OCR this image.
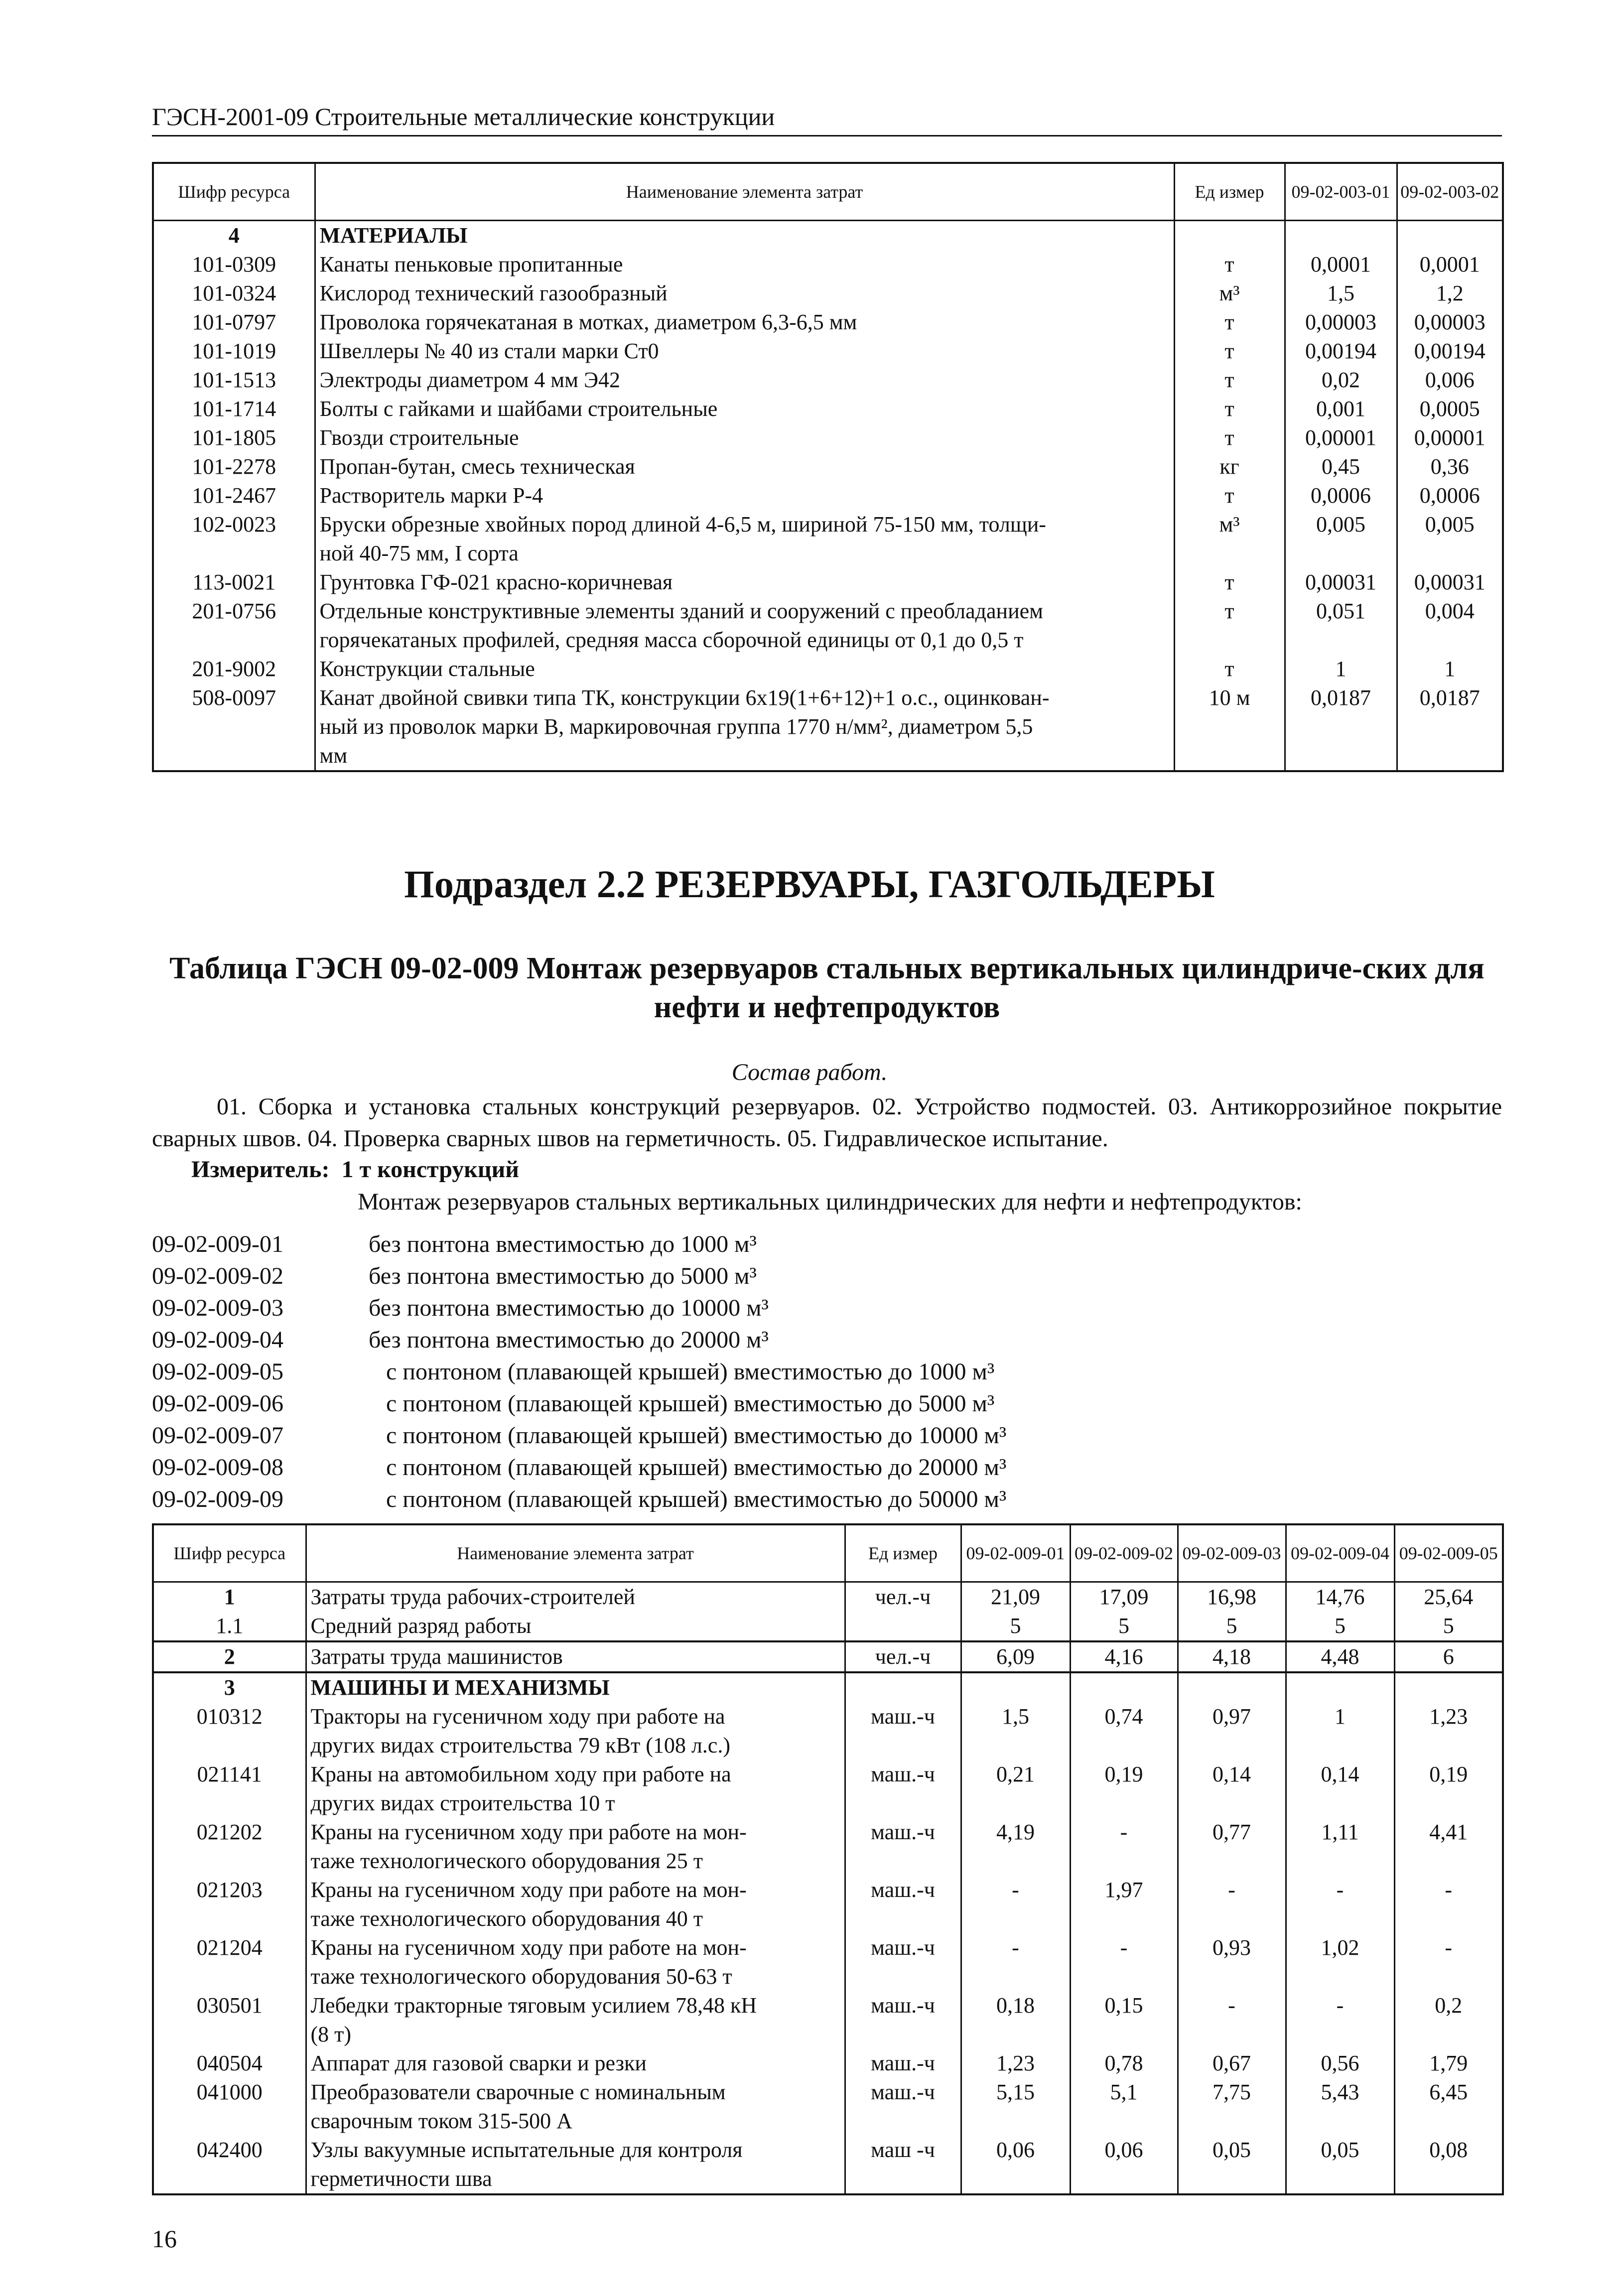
ГЭСН-2001-09 Строительные металлические конструкции
Шифр ресурса	Наименование элемента затрат	Ед измер	09-02-003-01	09-02-003-02
4	МАТЕРИАЛЫ			
101-0309	Канаты пеньковые пропитанные	т	0,0001	0,0001
101-0324	Кислород технический газообразный	м³	1,5	1,2
101-0797	Проволока горячекатаная в мотках, диаметром 6,3-6,5 мм	т	0,00003	0,00003
101-1019	Швеллеры № 40 из стали марки Ст0	т	0,00194	0,00194
101-1513	Электроды диаметром 4 мм Э42	т	0,02	0,006
101-1714	Болты с гайками и шайбами строительные	т	0,001	0,0005
101-1805	Гвозди строительные	т	0,00001	0,00001
101-2278	Пропан-бутан, смесь техническая	кг	0,45	0,36
101-2467	Растворитель марки Р-4	т	0,0006	0,0006
102-0023	Бруски обрезные хвойных пород длиной 4-6,5 м, шириной 75-150 мм, толщи-
ной 40-75 мм, I сорта	м³	0,005	0,005
113-0021	Грунтовка ГФ-021 красно-коричневая	т	0,00031	0,00031
201-0756	Отдельные конструктивные элементы зданий и сооружений с преобладанием
горячекатаных профилей, средняя масса сборочной единицы от 0,1 до 0,5 т	т	0,051	0,004
201-9002	Конструкции стальные	т	1	1
508-0097	Канат двойной свивки типа ТК, конструкции 6х19(1+6+12)+1 о.с., оцинкован-
ный из проволок марки В, маркировочная группа 1770 н/мм², диаметром 5,5
мм	10 м	0,0187	0,0187
Подраздел 2.2 РЕЗЕРВУАРЫ, ГАЗГОЛЬДЕРЫ
Таблица ГЭСН 09-02-009 Монтаж резервуаров стальных вертикальных цилиндриче-ских для нефти и нефтепродуктов
Состав работ.
01. Сборка и установка стальных конструкций резервуаров. 02. Устройство подмостей. 03. Антикоррозийное покрытие сварных швов. 04. Проверка сварных швов на герметичность. 05. Гидравлическое испытание.
Измеритель: 1 т конструкций
Монтаж резервуаров стальных вертикальных цилиндрических для нефти и нефтепродуктов:
09-02-009-01	без понтона вместимостью до 1000 м³
09-02-009-02	без понтона вместимостью до 5000 м³
09-02-009-03	без понтона вместимостью до 10000 м³
09-02-009-04	без понтона вместимостью до 20000 м³
09-02-009-05	с понтоном (плавающей крышей) вместимостью до 1000 м³
09-02-009-06	с понтоном (плавающей крышей) вместимостью до 5000 м³
09-02-009-07	с понтоном (плавающей крышей) вместимостью до 10000 м³
09-02-009-08	с понтоном (плавающей крышей) вместимостью до 20000 м³
09-02-009-09	с понтоном (плавающей крышей) вместимостью до 50000 м³
Шифр ресурса	Наименование элемента затрат	Ед измер	09-02-009-01	09-02-009-02	09-02-009-03	09-02-009-04	09-02-009-05
1	Затраты труда рабочих-строителей	чел.-ч	21,09	17,09	16,98	14,76	25,64
1.1	Средний разряд работы		5	5	5	5	5
2	Затраты труда машинистов	чел.-ч	6,09	4,16	4,18	4,48	6
3	МАШИНЫ И МЕХАНИЗМЫ						
010312	Тракторы на гусеничном ходу при работе на
других видах строительства 79 кВт (108 л.с.)	маш.-ч	1,5	0,74	0,97	1	1,23
021141	Краны на автомобильном ходу при работе на
других видах строительства 10 т	маш.-ч	0,21	0,19	0,14	0,14	0,19
021202	Краны на гусеничном ходу при работе на мон-
таже технологического оборудования 25 т	маш.-ч	4,19	-	0,77	1,11	4,41
021203	Краны на гусеничном ходу при работе на мон-
таже технологического оборудования 40 т	маш.-ч	-	1,97	-	-	-
021204	Краны на гусеничном ходу при работе на мон-
таже технологического оборудования 50-63 т	маш.-ч	-	-	0,93	1,02	-
030501	Лебедки тракторные тяговым усилием 78,48 кН
(8 т)	маш.-ч	0,18	0,15	-	-	0,2
040504	Аппарат для газовой сварки и резки	маш.-ч	1,23	0,78	0,67	0,56	1,79
041000	Преобразователи сварочные с номинальным
сварочным током 315-500 А	маш.-ч	5,15	5,1	7,75	5,43	6,45
042400	Узлы вакуумные испытательные для контроля
герметичности шва	маш -ч	0,06	0,06	0,05	0,05	0,08
16
